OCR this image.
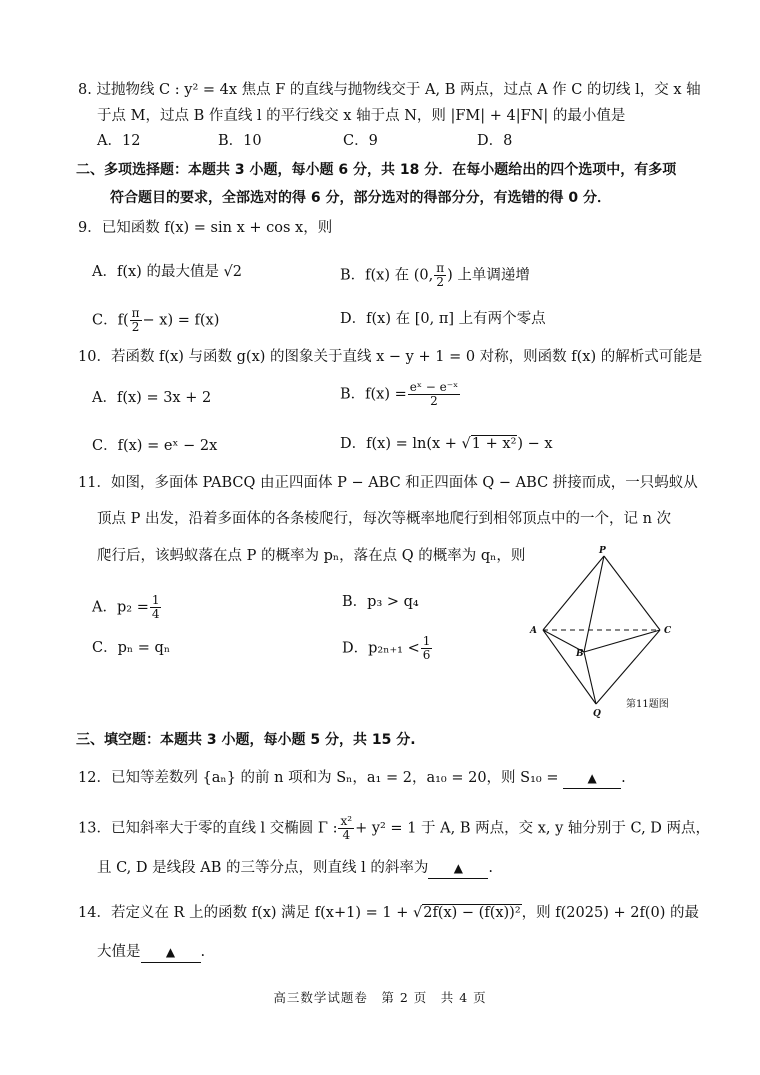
8. 过抛物线 C : y² = 4x 焦点 F 的直线与抛物线交于 A, B 两点，过点 A 作 C 的切线 l，交 x 轴
于点 M，过点 B 作直线 l 的平行线交 x 轴于点 N，则 |FM| + 4|FN| 的最小值是
A．12	B．10	C．9	D．8
二、多项选择题：本题共 3 小题，每小题 6 分，共 18 分．在每小题给出的四个选项中，有多项
符合题目的要求，全部选对的得 6 分，部分选对的得部分分，有选错的得 0 分．
9．已知函数 f(x) = sin x + cos x，则
A．f(x) 的最大值是 √2	B．f(x) 在 (0, $\frac{\pi}{2}$ ) 上单调递增
C．$f( \frac{\pi}{2} - x) = f(x)$	D．f(x) 在 [0, π] 上有两个零点
10．若函数 f(x) 与函数 g(x) 的图象关于直线 x − y + 1 = 0 对称，则函数 f(x) 的解析式可能是
A．f(x) = 3x + 2	B．$f(x) = \frac{\text{eˣ − e⁻ˣ}}{2}$
C．f(x) = eˣ − 2x	D．f(x) = ln(x + √1 + x²) − x
11．如图，多面体 PABCQ 由正四面体 P − ABC 和正四面体 Q − ABC 拼接而成，一只蚂蚁从
顶点 P 出发，沿着多面体的各条棱爬行，每次等概率地爬行到相邻顶点中的一个，记 n 次
爬行后，该蚂蚁落在点 P 的概率为 pₙ，落在点 Q 的概率为 qₙ，则
A．$p_2 = \frac{1}{4}$	B．p₃ > q₄
C．pₙ = qₙ	D．$p_{2n+1} < \frac{1}{6}$
P
A
B
C
Q
第11题图
三、填空题：本题共 3 小题，每小题 5 分，共 15 分.
12．已知等差数列 {aₙ} 的前 n 项和为 Sₙ，a₁ = 2，a₁₀ = 20，则 S₁₀ = ▲ .
13．已知斜率大于零的直线 l 交椭圆 Γ : $\frac{\text{x²}}{4} + y^2 = 1$ 于 A, B 两点，交 x, y 轴分别于 C, D 两点，
且 C, D 是线段 AB 的三等分点，则直线 l 的斜率为 ▲ .
14．若定义在 R 上的函数 f(x) 满足 f(x+1) = 1 + √2f(x) − (f(x))²，则 f(2025) + 2f(0) 的最
大值是 ▲ .
高三数学试题卷　第 2 页　共 4 页
